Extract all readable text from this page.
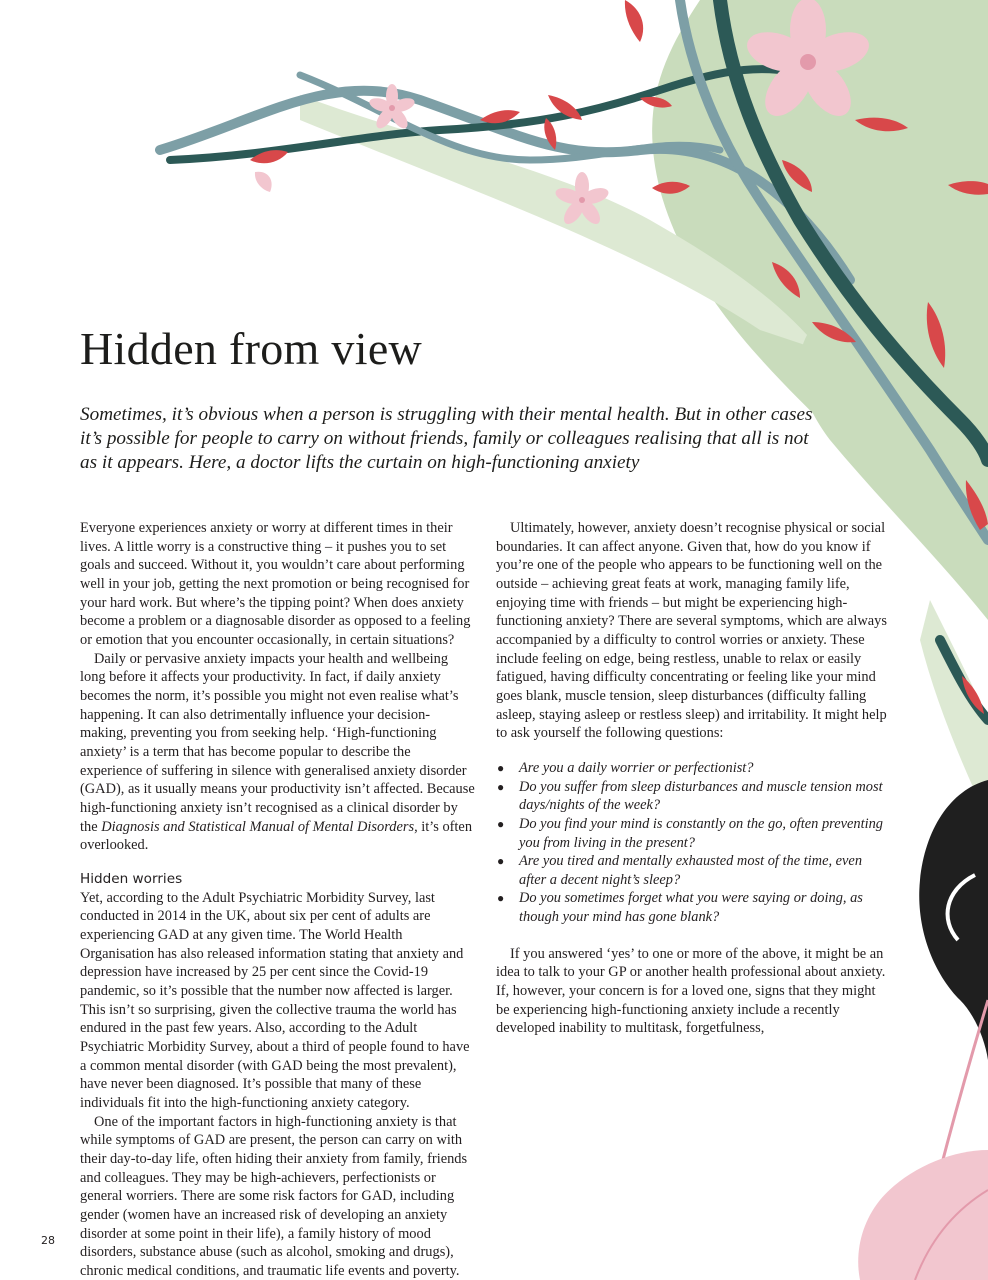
Hidden from view

Sometimes, it’s obvious when a person is struggling with their mental health. But in other cases it’s possible for people to carry on without friends, family or colleagues realising that all is not as it appears. Here, a doctor lifts the curtain on high-functioning anxiety

Everyone experiences anxiety or worry at different times in their lives. A little worry is a constructive thing – it pushes you to set goals and succeed. Without it, you wouldn’t care about performing well in your job, getting the next promotion or being recognised for your hard work. But where’s the tipping point? When does anxiety become a problem or a diagnosable disorder as opposed to a feeling or emotion that you encounter occasionally, in certain situations?

Daily or pervasive anxiety impacts your health and wellbeing long before it affects your productivity. In fact, if daily anxiety becomes the norm, it’s possible you might not even realise what’s happening. It can also detrimentally influence your decision-making, preventing you from seeking help. ‘High-functioning anxiety’ is a term that has become popular to describe the experience of suffering in silence with generalised anxiety disorder (GAD), as it usually means your productivity isn’t affected. Because high-functioning anxiety isn’t recognised as a clinical disorder by the Diagnosis and Statistical Manual of Mental Disorders, it’s often overlooked.

Hidden worries

Yet, according to the Adult Psychiatric Morbidity Survey, last conducted in 2014 in the UK, about six per cent of adults are experiencing GAD at any given time. The World Health Organisation has also released information stating that anxiety and depression have increased by 25 per cent since the Covid-19 pandemic, so it’s possible that the number now affected is larger. This isn’t so surprising, given the collective trauma the world has endured in the past few years. Also, according to the Adult Psychiatric Morbidity Survey, about a third of people found to have a common mental disorder (with GAD being the most prevalent), have never been diagnosed. It’s possible that many of these individuals fit into the high-functioning anxiety category.

One of the important factors in high-functioning anxiety is that while symptoms of GAD are present, the person can carry on with their day-to-day life, often hiding their anxiety from family, friends and colleagues. They may be high-achievers, perfectionists or general worriers. There are some risk factors for GAD, including gender (women have an increased risk of developing an anxiety disorder at some point in their life), a family history of mood disorders, substance abuse (such as alcohol, smoking and drugs), chronic medical conditions, and traumatic life events and poverty.

Ultimately, however, anxiety doesn’t recognise physical or social boundaries. It can affect anyone. Given that, how do you know if you’re one of the people who appears to be functioning well on the outside – achieving great feats at work, managing family life, enjoying time with friends – but might be experiencing high-functioning anxiety? There are several symptoms, which are always accompanied by a difficulty to control worries or anxiety. These include feeling on edge, being restless, unable to relax or easily fatigued, having difficulty concentrating or feeling like your mind goes blank, muscle tension, sleep disturbances (difficulty falling asleep, staying asleep or restless sleep) and irritability. It might help to ask yourself the following questions:

● Are you a daily worrier or perfectionist?
● Do you suffer from sleep disturbances and muscle tension most days/nights of the week?
● Do you find your mind is constantly on the go, often preventing you from living in the present?
● Are you tired and mentally exhausted most of the time, even after a decent night’s sleep?
● Do you sometimes forget what you were saying or doing, as though your mind has gone blank?

If you answered ‘yes’ to one or more of the above, it might be an idea to talk to your GP or another health professional about anxiety. If, however, your concern is for a loved one, signs that they might be experiencing high-functioning anxiety include a recently developed inability to multitask, forgetfulness,

28
